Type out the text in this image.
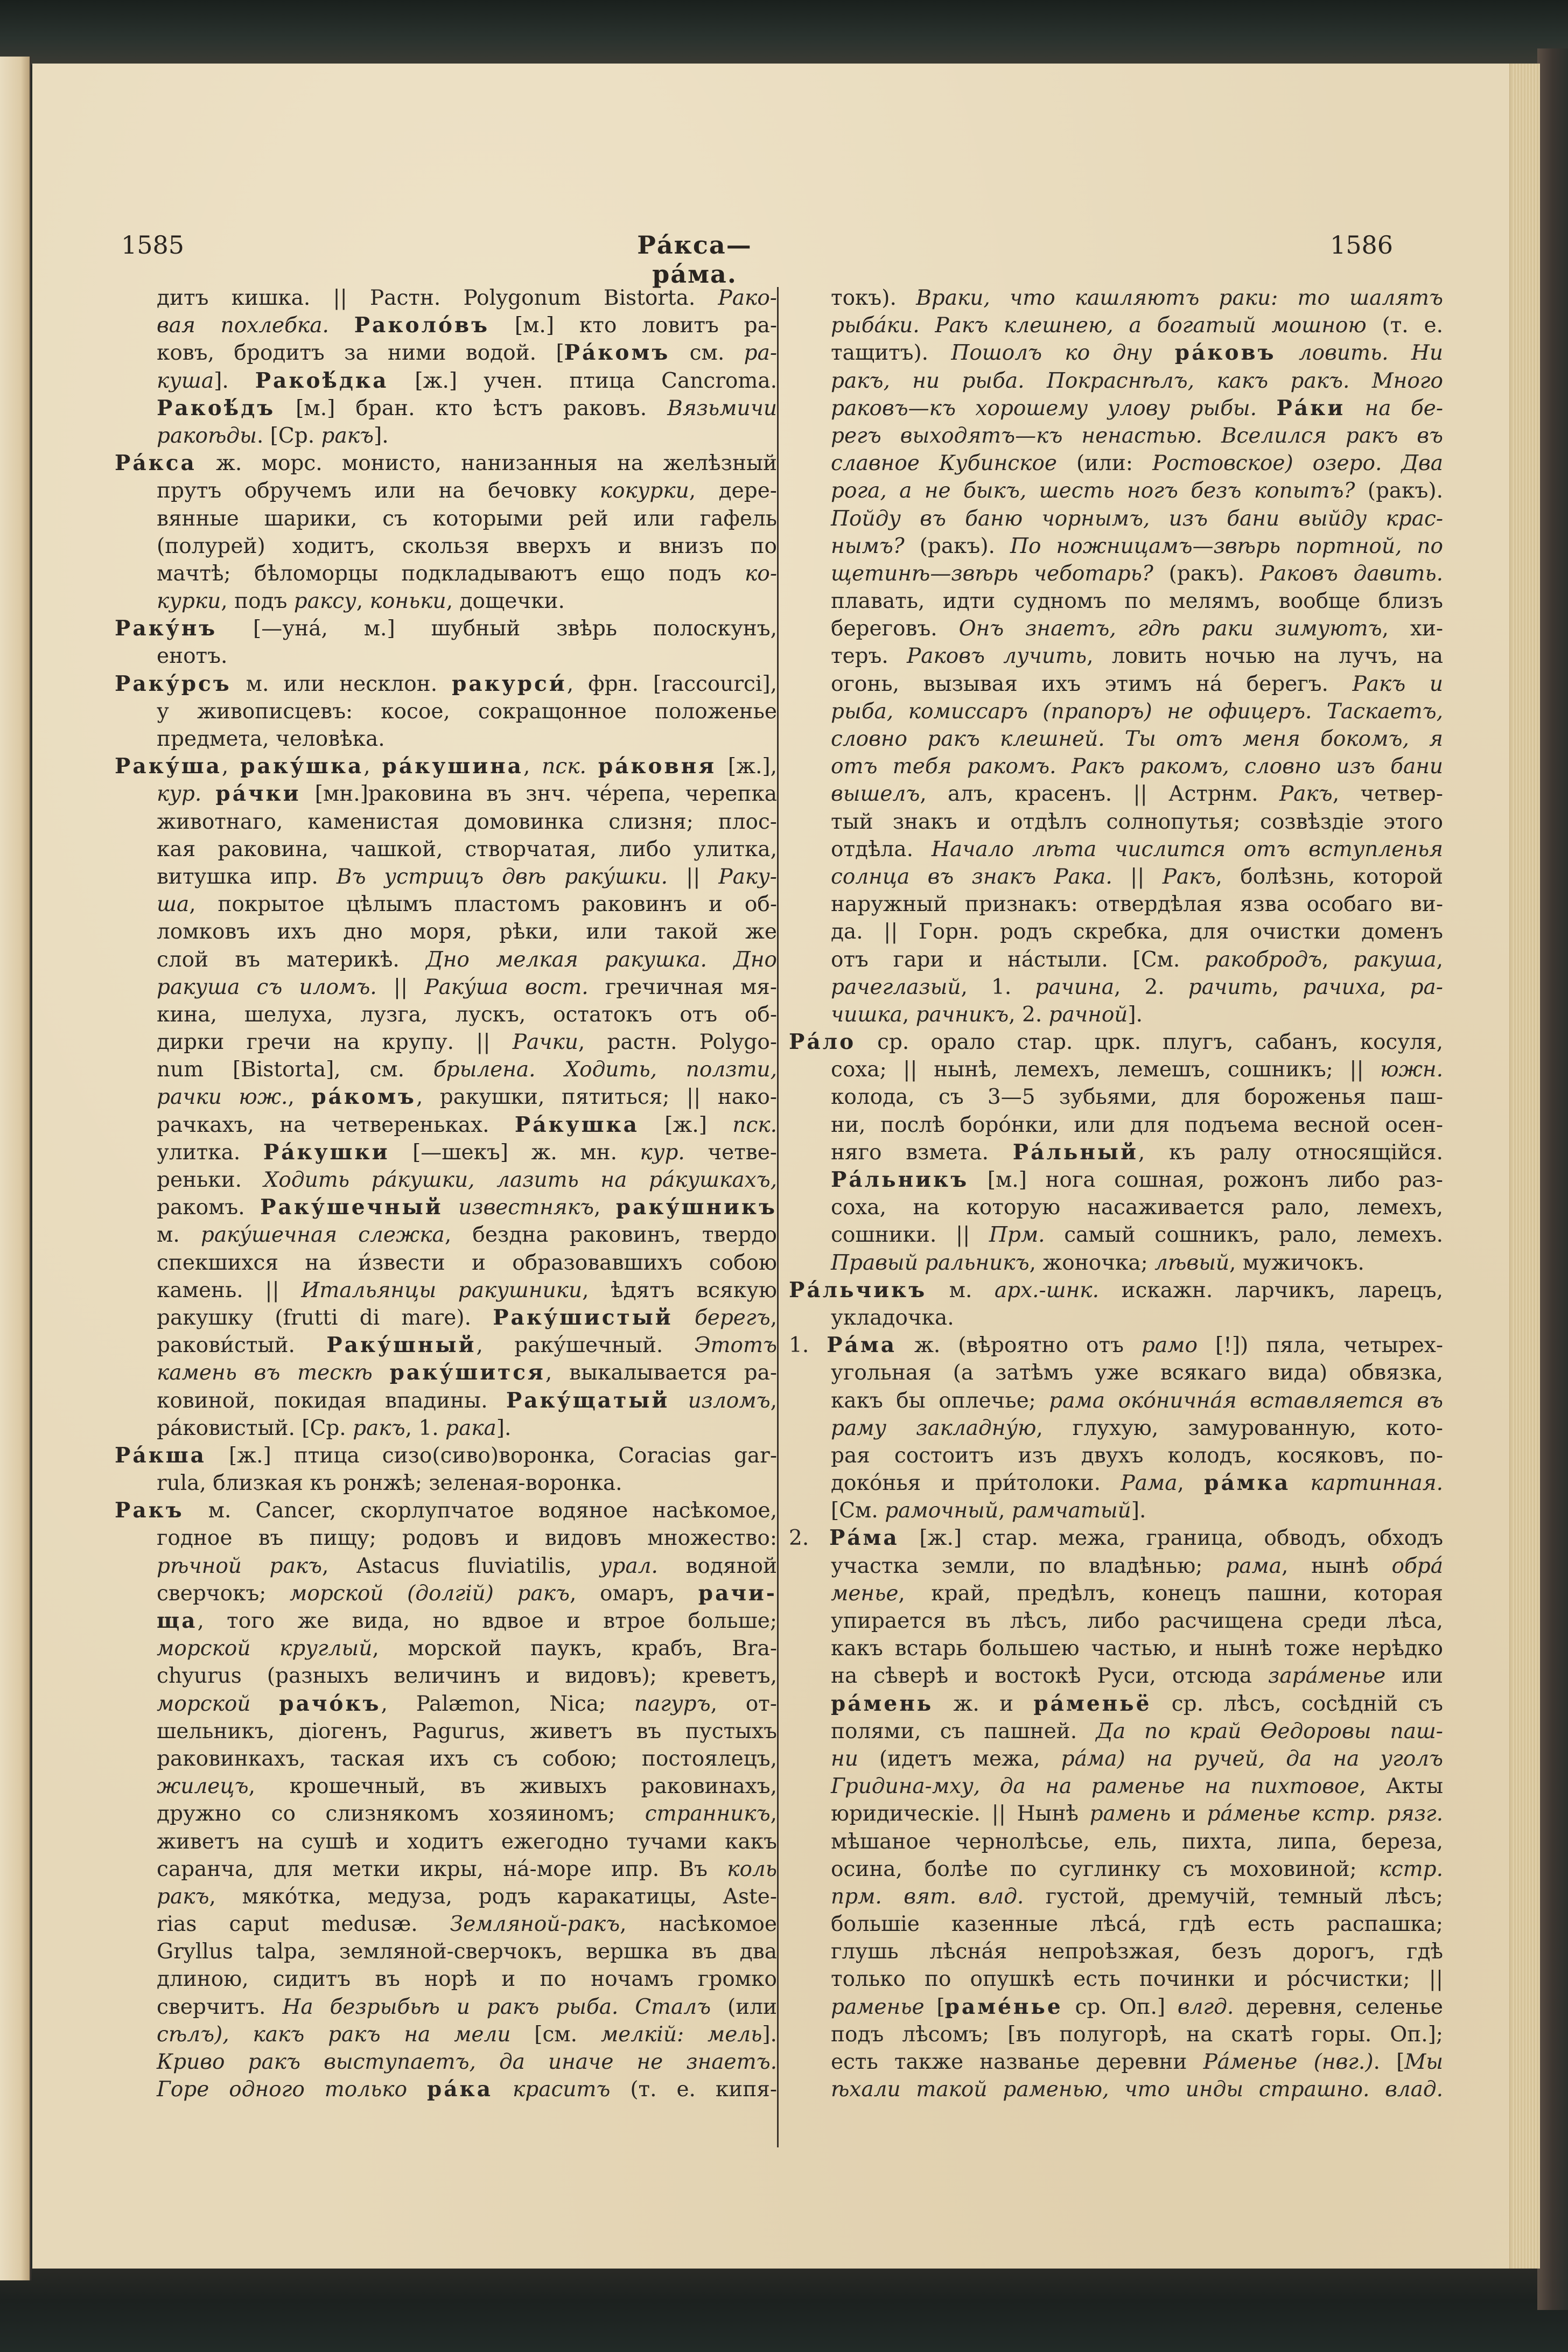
1585	Ра́кса—ра́ма.
1586
дитъ кишка. || Растн. Polygonum Bistorta. Рако-
вая похлебка. Ракoло́въ [м.] кто ловитъ ра-
ковъ, бродитъ за ними водой. [Ра́комъ см. ра-
куша]. Ракоѣ́дка [ж.] учен. птица Cancroma.
Ракоѣ́дъ [м.] бран. кто ѣстъ раковъ. Вязьмичи
ракоѣды. [Ср. ракъ].
Ра́кса ж. морс. монисто, нанизанныя на желѣзный
прутъ обручемъ или на бечовку кокурки, дере-
вянные шарики, съ которыми рей или гафель
(полурей) ходитъ, скользя вверхъ и внизъ по
мачтѣ; бѣломорцы подкладываютъ ещо подъ ко-
курки, подъ раксу, коньки, дощечки.
Раку́нъ [—уна́, м.] шубный звѣрь полоскунъ,
енотъ.
Раку́рсъ м. или несклон. ракурси́, фрн. [raccourci],
у живописцевъ: косое, сокращонное положенье
предмета, человѣка.
Раку́ша, раку́шка, ра́кушина, пск. ра́ковня [ж.],
кур. ра́чки [мн.]раковина въ знч. че́репа, черепка
животнаго, каменистая домовинка слизня; плос-
кая раковина, чашкой, створчатая, либо улитка,
витушка ипр. Въ устрицъ двѣ раку́шки. || Раку-
ша, покрытое цѣлымъ пластомъ раковинъ и об-
ломковъ ихъ дно моря, рѣки, или такой же
слой въ материкѣ. Дно мелкая ракушка. Дно
ракуша съ иломъ. || Раку́ша вост. гречичная мя-
кина, шелуха, лузга, лускъ, остатокъ отъ об-
дирки гречи на крупу. || Рачки, растн. Polygo-
num [Bistorta], см. брылена. Ходить, ползти,
рачки юж., ра́комъ, ракушки, пятиться; || нако-
рачкахъ, на четвереньках. Ра́кушка [ж.] пск.
улитка. Ра́кушки [—шекъ] ж. мн. кур. четве-
реньки. Ходить ра́кушки, лазить на ра́кушкахъ,
ракомъ. Раку́шечный известнякъ, раку́шникъ
м. раку́шечная слежка, бездна раковинъ, твердо
спекшихся на и́звести и образовавшихъ собою
камень. || Итальянцы ракушники, ѣдятъ всякую
ракушку (frutti di mare). Раку́шистый берегъ,
ракови́стый. Раку́шный, раку́шечный. Этотъ
камень въ тескѣ раку́шится, выкалывается ра-
ковиной, покидая впадины. Раку́щатый изломъ,
ра́ковистый. [Ср. ракъ, 1. рака].
Ра́кша [ж.] птица сизо(сиво)воронка, Coracias gar-
rula, близкая къ ронжѣ; зеленая-воронка.
Ракъ м. Cancer, скорлупчатое водяное насѣкомое,
годное въ пищу; родовъ и видовъ множество:
рѣчной ракъ, Astacus fluviatilis, урал. водяной
сверчокъ; морской (долгій) ракъ, омаръ, рачи-
ща, того же вида, но вдвое и втрое больше;
морской круглый, морской паукъ, крабъ, Bra-
chyurus (разныхъ величинъ и видовъ); креветъ,
морской рачо́къ, Palæmon, Nica; пагуръ, от-
шельникъ, діогенъ, Pagurus, живетъ въ пустыхъ
раковинкахъ, таская ихъ съ собою; постоялецъ,
жилецъ, крошечный, въ живыхъ раковинахъ,
дружно со слизнякомъ хозяиномъ; странникъ,
живетъ на сушѣ и ходитъ ежегодно тучами какъ
саранча, для метки икры, на́-море ипр. Въ коль
ракъ, мяко́тка, медуза, родъ каракатицы, Aste-
rias caput medusæ. Земляной-ракъ, насѣкомое
Gryllus talpa, земляной-сверчокъ, вершка въ два
длиною, сидитъ въ норѣ и по ночамъ громко
сверчитъ. На безрыбьѣ и ракъ рыба. Сталъ (или
сѣлъ), какъ ракъ на мели [см. мелкій: мель].
Криво ракъ выступаетъ, да иначе не знаетъ.
Горе одного только ра́ка краситъ (т. е. кипя-
токъ). Враки, что кашляютъ раки: то шалятъ
рыба́ки. Ракъ клешнею, а богатый мошною (т. е.
тащитъ). Пошолъ ко дну ра́ковъ ловить. Ни
ракъ, ни рыба. Покраснѣлъ, какъ ракъ. Много
раковъ—къ хорошему улову рыбы. Ра́ки на бе-
регъ выходятъ—къ ненастью. Вселился ракъ въ
славное Кубинское (или: Ростовское) озеро. Два
рога, а не быкъ, шесть ногъ безъ копытъ? (ракъ).
Пойду въ баню чорнымъ, изъ бани выйду крас-
нымъ? (ракъ). По ножницамъ—звѣрь портной, по
щетинѣ—звѣрь чеботарь? (ракъ). Раковъ давить.
плавать, идти судномъ по мелямъ, вообще близъ
береговъ. Онъ знаетъ, гдѣ раки зимуютъ, хи-
теръ. Раковъ лучить, ловить ночью на лучъ, на
огонь, вызывая ихъ этимъ на́ берегъ. Ракъ и
рыба, комиссаръ (прапоръ) не офицеръ. Таскаетъ,
словно ракъ клешней. Ты отъ меня бокомъ, я
отъ тебя ракомъ. Ракъ ракомъ, словно изъ бани
вышелъ, алъ, красенъ. || Астрнм. Ракъ, четвер-
тый знакъ и отдѣлъ солнопутья; созвѣздіе этого
отдѣла. Начало лѣта числится отъ вступленья
солнца въ знакъ Рака. || Ракъ, болѣзнь, которой
наружный признакъ: отвердѣлая язва особаго ви-
да. || Горн. родъ скребка, для очистки доменъ
отъ гари и на́стыли. [См. ракобродъ, ракуша,
рачеглазый, 1. рачина, 2. рачить, рачиха, ра-
чишка, рачникъ, 2. рачной].
Ра́ло ср. орало стар. црк. плугъ, сабанъ, косуля,
соха; || нынѣ, лемехъ, лемешъ, сошникъ; || южн.
колода, съ 3—5 зубьями, для бороженья паш-
ни, послѣ боро́нки, или для подъема весной осен-
няго взмета. Ра́льный, къ ралу относящійся.
Ра́льникъ [м.] нога сошная, рожонъ либо раз-
соха, на которую насаживается рало, лемехъ,
сошники. || Прм. самый сошникъ, рало, лемехъ.
Правый ральникъ, жоночка; лѣвый, мужичокъ.
Ра́льчикъ м. арх.-шнк. искажн. ларчикъ, ларецъ,
укладочка.
1. Ра́ма ж. (вѣроятно отъ рамо [!]) пяла, четырех-
угольная (а затѣмъ уже всякаго вида) обвязка,
какъ бы оплечье; рама око́нична́я вставляется въ
раму закладну́ю, глухую, замурованную, кото-
рая состоитъ изъ двухъ колодъ, косяковъ, по-
доко́нья и при́толоки. Рама, ра́мка картинная.
[См. рамочный, рамчатый].
2. Ра́ма [ж.] стар. межа, граница, обводъ, обходъ
участка земли, по владѣнью; рама, нынѣ обра́
менье, край, предѣлъ, конецъ пашни, которая
упирается въ лѣсъ, либо расчищена среди лѣса,
какъ встарь большею частью, и нынѣ тоже нерѣдко
на сѣверѣ и востокѣ Руси, отсюда зара́менье или
ра́мень ж. и ра́меньё ср. лѣсъ, сосѣдній съ
полями, съ пашней. Да по край Өедоровы паш-
ни (идетъ межа, ра́ма) на ручей, да на уголъ
Гридина-мху, да на раменье на пихтовое, Акты
юридическіе. || Нынѣ рамень и ра́менье кстр. рязг.
мѣшаное чернолѣсье, ель, пихта, липа, береза,
осина, болѣе по суглинку съ моховиной; кстр.
прм. вят. влд. густой, дремучій, темный лѣсъ;
большіе казенные лѣса́, гдѣ есть распашка;
глушь лѣсна́я непроѣзжая, безъ дорогъ, гдѣ
только по опушкѣ есть починки и ро́счистки; ||
раменье [раме́нье ср. Оп.] влгд. деревня, селенье
подъ лѣсомъ; [въ полугорѣ, на скатѣ горы. Оп.];
есть также названье деревни Ра́менье (нвг.). [Мы
ѣхали такой раменью, что инды страшно. влад.
